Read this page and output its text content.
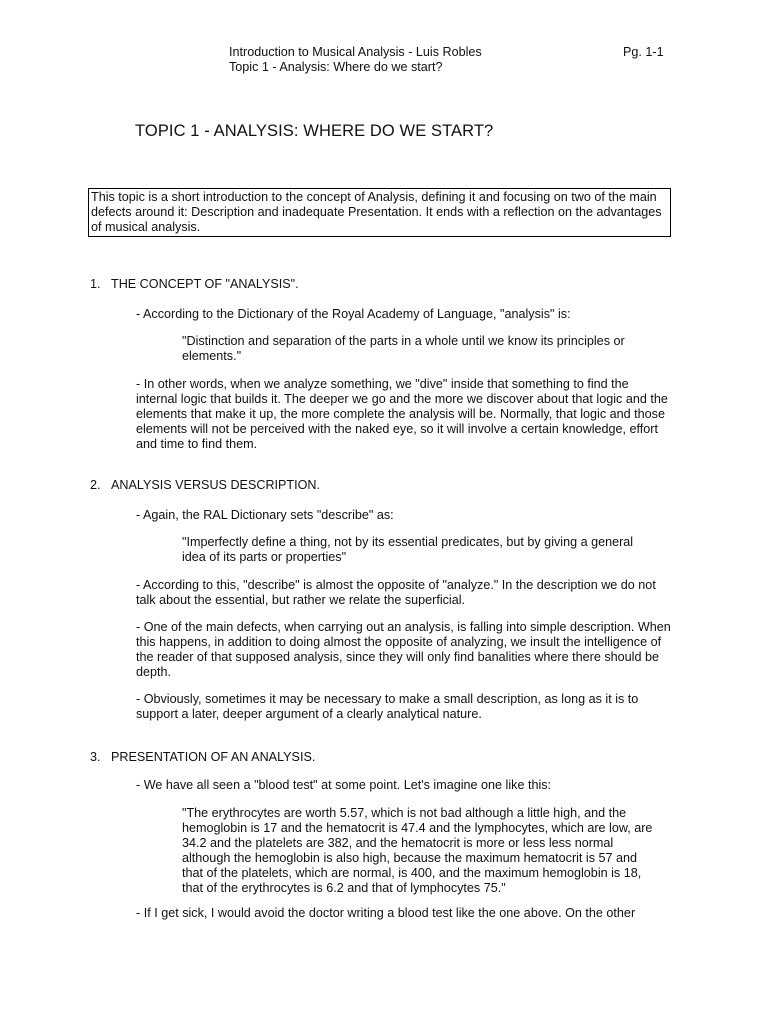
Introduction to Musical Analysis - Luis Robles
Topic 1 - Analysis: Where do we start?
Pg. 1-1
TOPIC 1 - ANALYSIS: WHERE DO WE START?
This topic is a short introduction to the concept of Analysis, defining it and focusing on two of the main defects around it: Description and inadequate Presentation. It ends with a reflection on the advantages of musical analysis.
1. THE CONCEPT OF "ANALYSIS".
- According to the Dictionary of the Royal Academy of Language, "analysis" is:
"Distinction and separation of the parts in a whole until we know its principles or elements."
- In other words, when we analyze something, we "dive" inside that something to find the internal logic that builds it. The deeper we go and the more we discover about that logic and the elements that make it up, the more complete the analysis will be. Normally, that logic and those elements will not be perceived with the naked eye, so it will involve a certain knowledge, effort and time to find them.
2. ANALYSIS VERSUS DESCRIPTION.
- Again, the RAL Dictionary sets "describe" as:
"Imperfectly define a thing, not by its essential predicates, but by giving a general idea of its parts or properties"
- According to this, "describe" is almost the opposite of "analyze." In the description we do not talk about the essential, but rather we relate the superficial.
- One of the main defects, when carrying out an analysis, is falling into simple description. When this happens, in addition to doing almost the opposite of analyzing, we insult the intelligence of the reader of that supposed analysis, since they will only find banalities where there should be depth.
- Obviously, sometimes it may be necessary to make a small description, as long as it is to support a later, deeper argument of a clearly analytical nature.
3. PRESENTATION OF AN ANALYSIS.
- We have all seen a "blood test" at some point. Let's imagine one like this:
"The erythrocytes are worth 5.57, which is not bad although a little high, and the hemoglobin is 17 and the hematocrit is 47.4 and the lymphocytes, which are low, are 34.2 and the platelets are 382, and the hematocrit is more or less less normal although the hemoglobin is also high, because the maximum hematocrit is 57 and that of the platelets, which are normal, is 400, and the maximum hemoglobin is 18, that of the erythrocytes is 6.2 and that of lymphocytes 75."
- If I get sick, I would avoid the doctor writing a blood test like the one above. On the other
